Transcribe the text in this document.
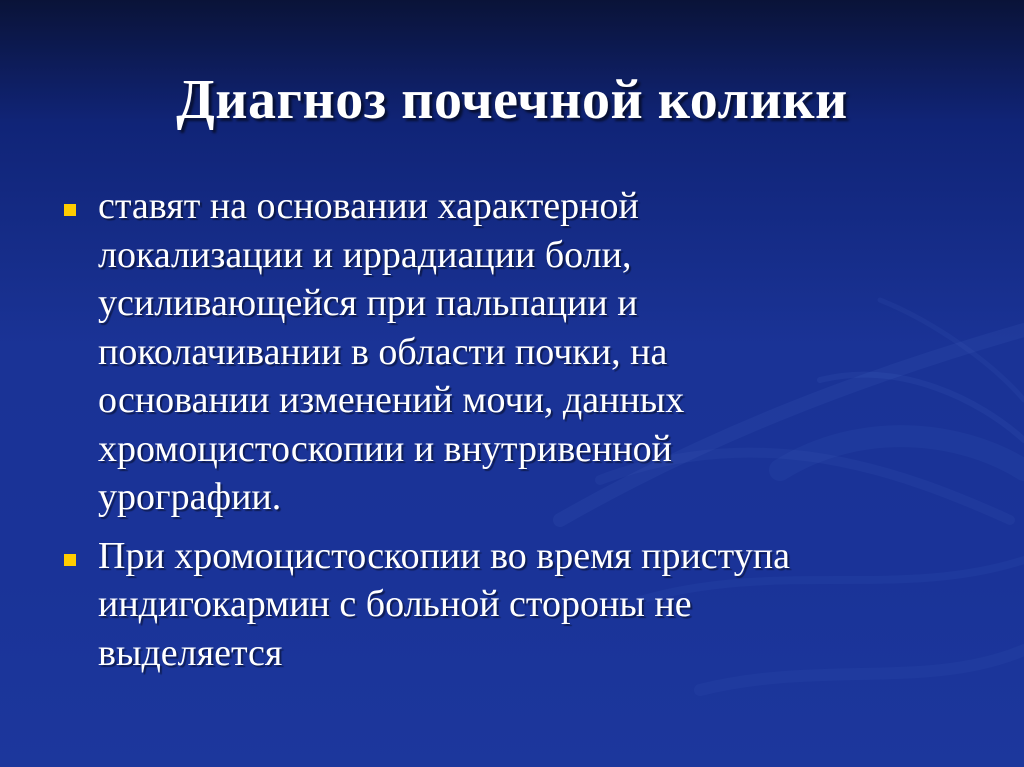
Диагноз почечной колики
ставят на основании характерной
локализации и иррадиации боли,
усиливающейся при пальпации и
поколачивании в области почки, на
основании изменений мочи, данных
хромоцистоскопии и внутривенной
урографии.
При хромоцистоскопии во время приступа
индигокармин с больной стороны не
выделяется
